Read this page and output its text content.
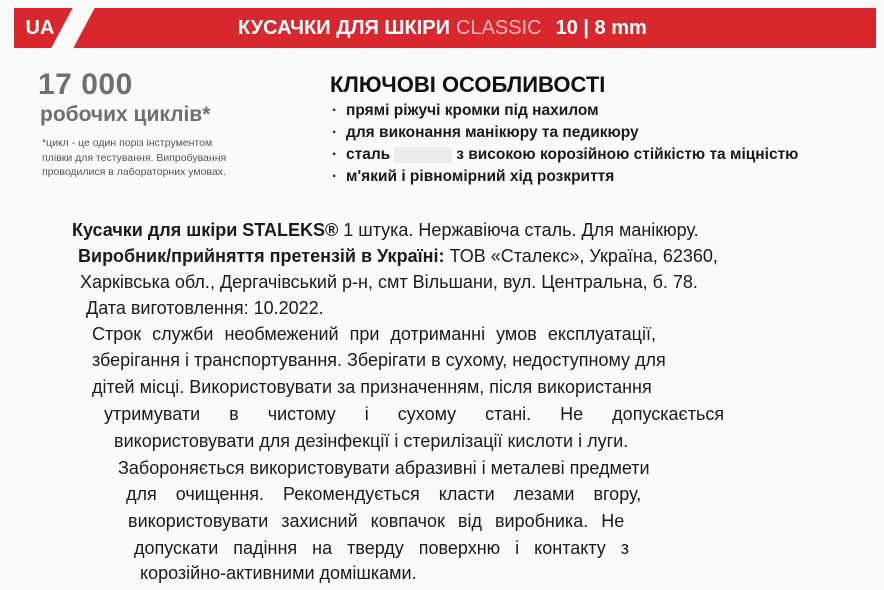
UA	КУСАЧКИ ДЛЯ ШКІРИ CLASSIC 10 | 8 mm
17 000
робочих циклів*
*цикл - це один поріз інструментом
плівки для тестування. Випробування
проводилися в лабораторних умовах.
КЛЮЧОВІ ОСОБЛИВОСТІ
· прямі ріжучі кромки під нахилом
· для виконання манікюру та педикюру
· сталь	з високою корозійною стійкістю та міцністю
· м'який і рівномірний хід розкриття
Кусачки для шкіри STALEKS® 1 штука. Нержавіюча сталь. Для манікюру.
Виробник/прийняття претензій в Україні: ТОВ «Сталекс», Україна, 62360,
Харківська обл., Дергачівський р-н, смт Вільшани, вул. Центральна, б. 78.
Дата виготовлення: 10.2022.
Строк служби необмежений при дотриманні умов експлуатації,
зберігання і транспортування. Зберігати в сухому, недоступному для
дітей місці. Використовувати за призначенням, після використання
утримувати в чистому і сухому стані. Не допускається
використовувати для дезінфекції і стерилізації кислоти і луги.
Забороняється використовувати абразивні і металеві предмети
для очищення. Рекомендується класти лезами вгору,
використовувати захисний ковпачок від виробника. Не
допускати падіння на тверду поверхню і контакту з
корозійно-активними домішками.
